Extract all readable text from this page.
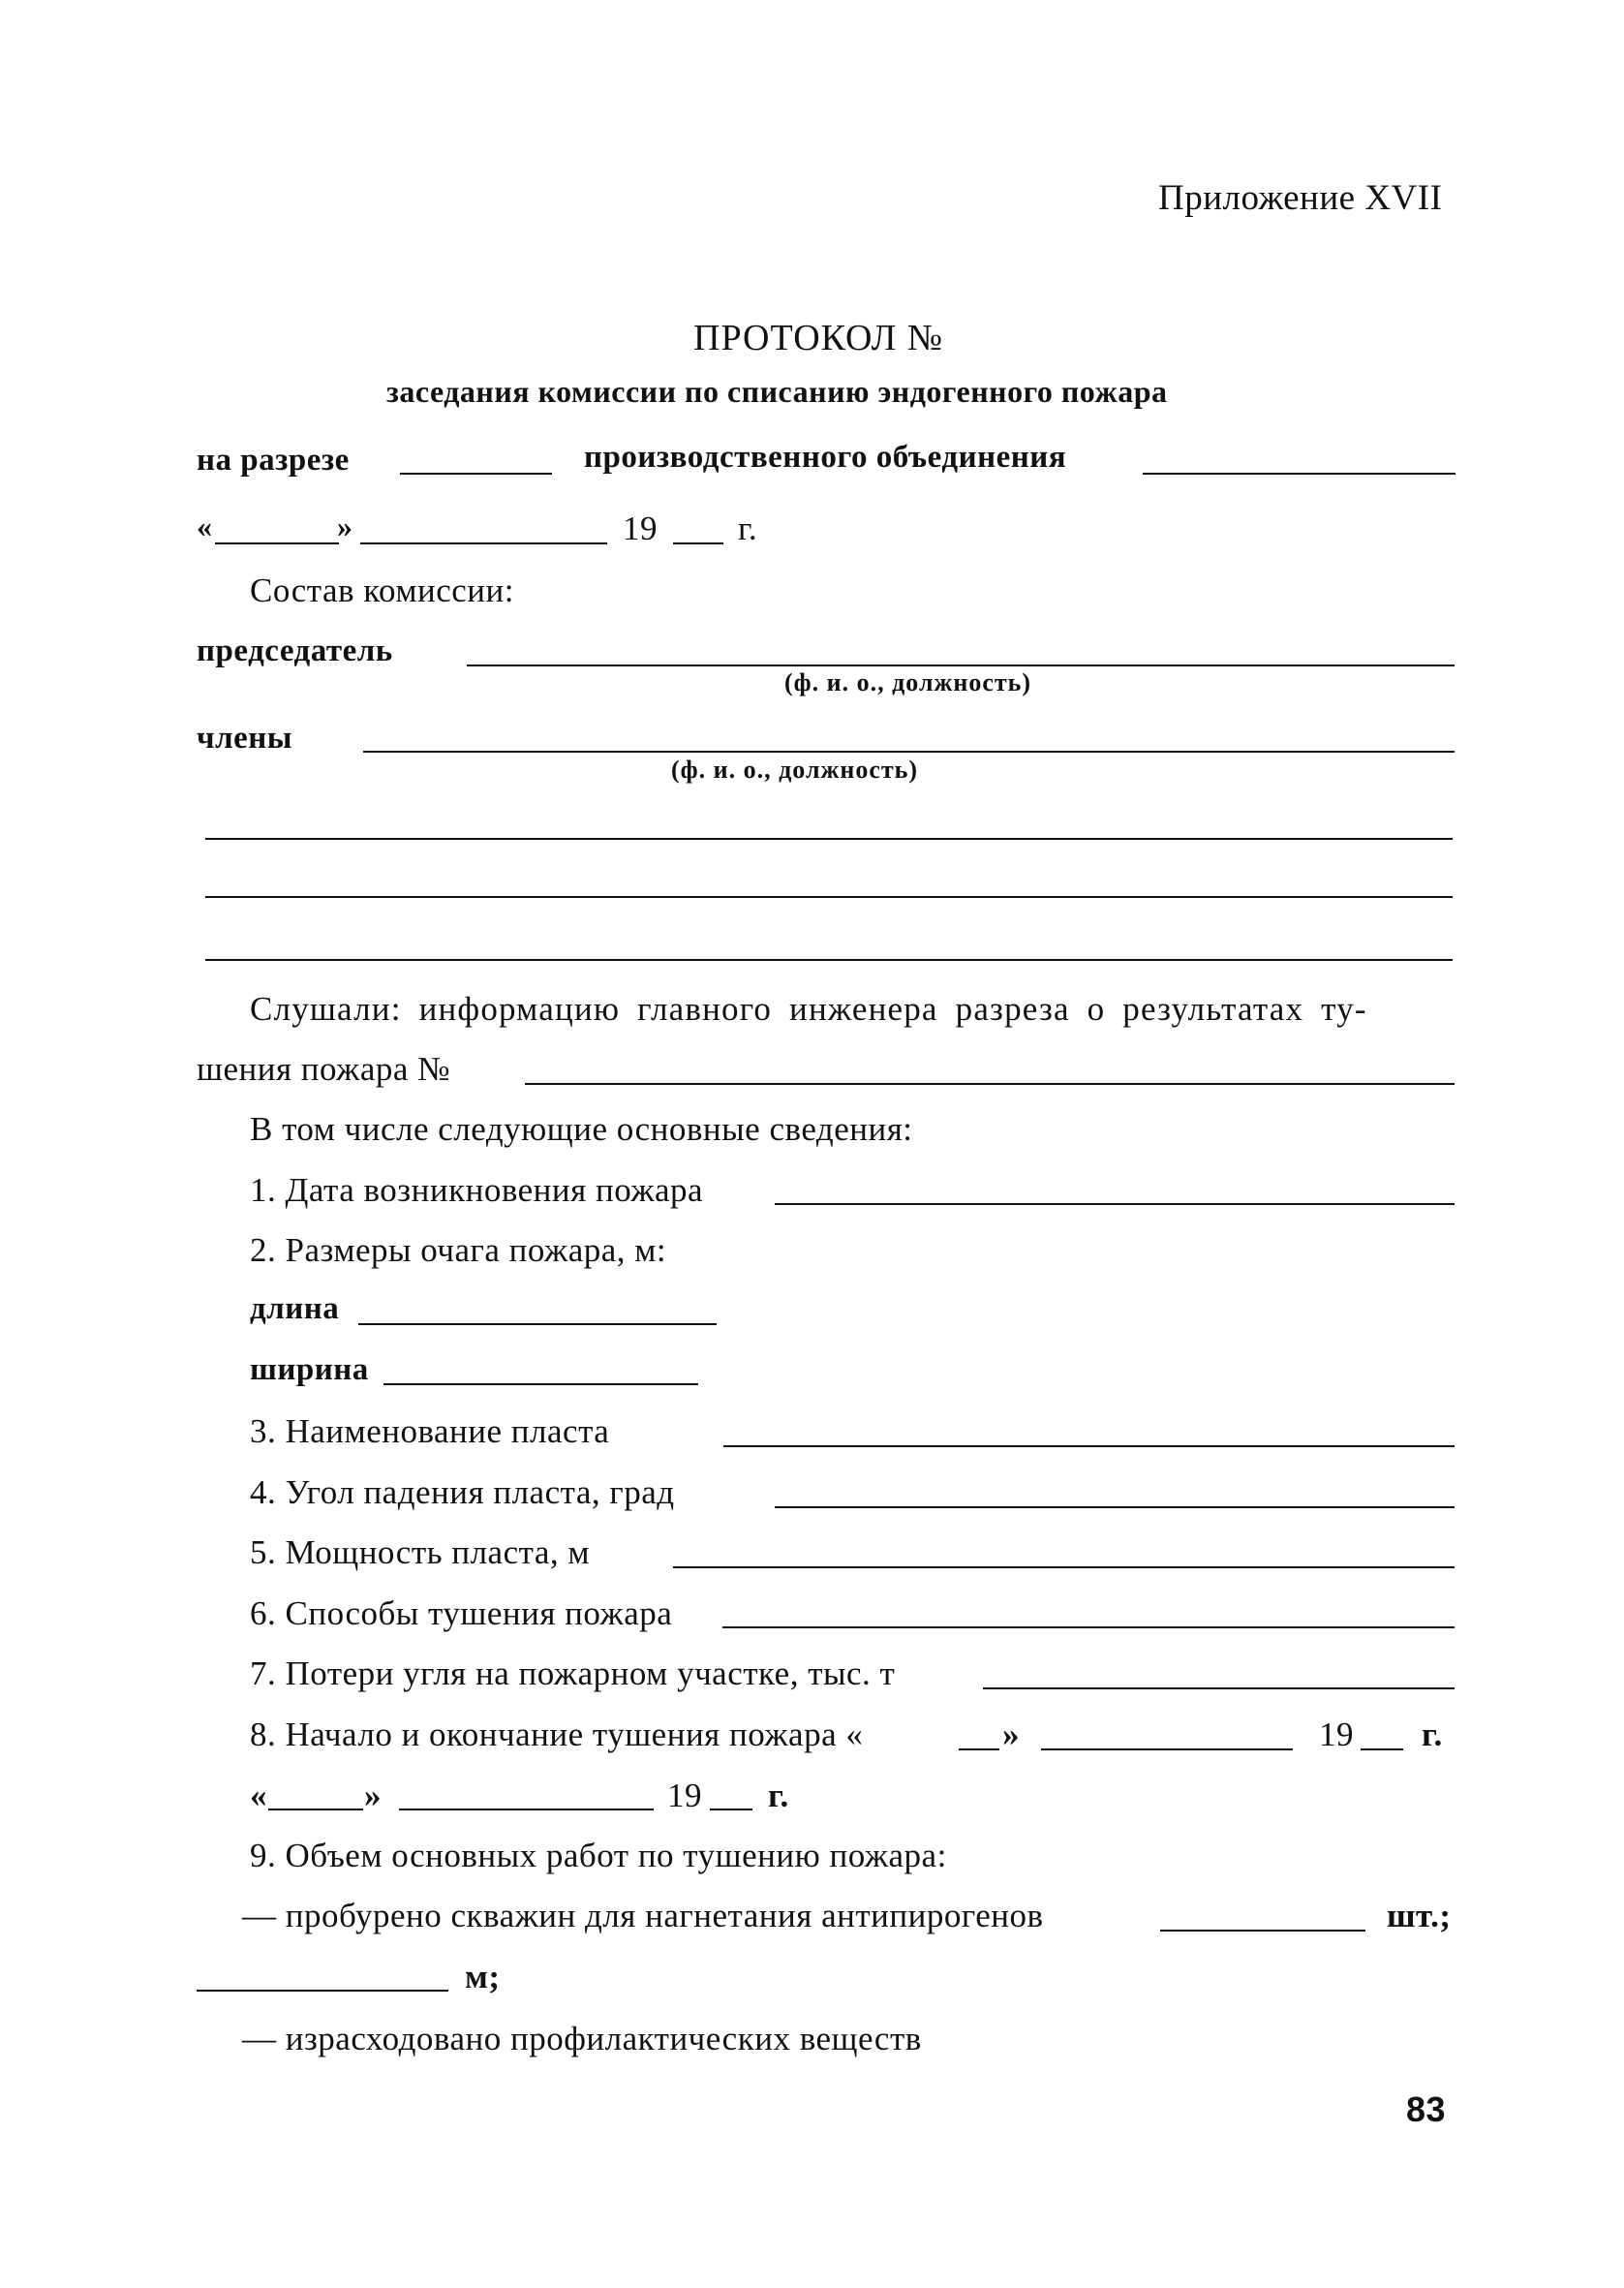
Приложение XVII
ПРОТОКОЛ №
заседания комиссии по списанию эндогенного пожара
на разрезе	производственного объединения
«	»	19 г.
Состав комиссии:
председатель
(ф. и. о., должность)
члены
(ф. и. о., должность)
Слушали: информацию главного инженера разреза о результатах ту-
шения пожара №
В том числе следующие основные сведения:
1. Дата возникновения пожара
2. Размеры очага пожара, м:
длина
ширина
3. Наименование пласта
4. Угол падения пласта, град
5. Мощность пласта, м
6. Способы тушения пожара
7. Потери угля на пожарном участке, тыс. т
8. Начало и окончание тушения пожара «	»	19 г.
«	»	19 г.
9. Объем основных работ по тушению пожара:
— пробурено скважин для нагнетания антипирогенов	шт.;
м;
— израсходовано профилактических веществ
83
